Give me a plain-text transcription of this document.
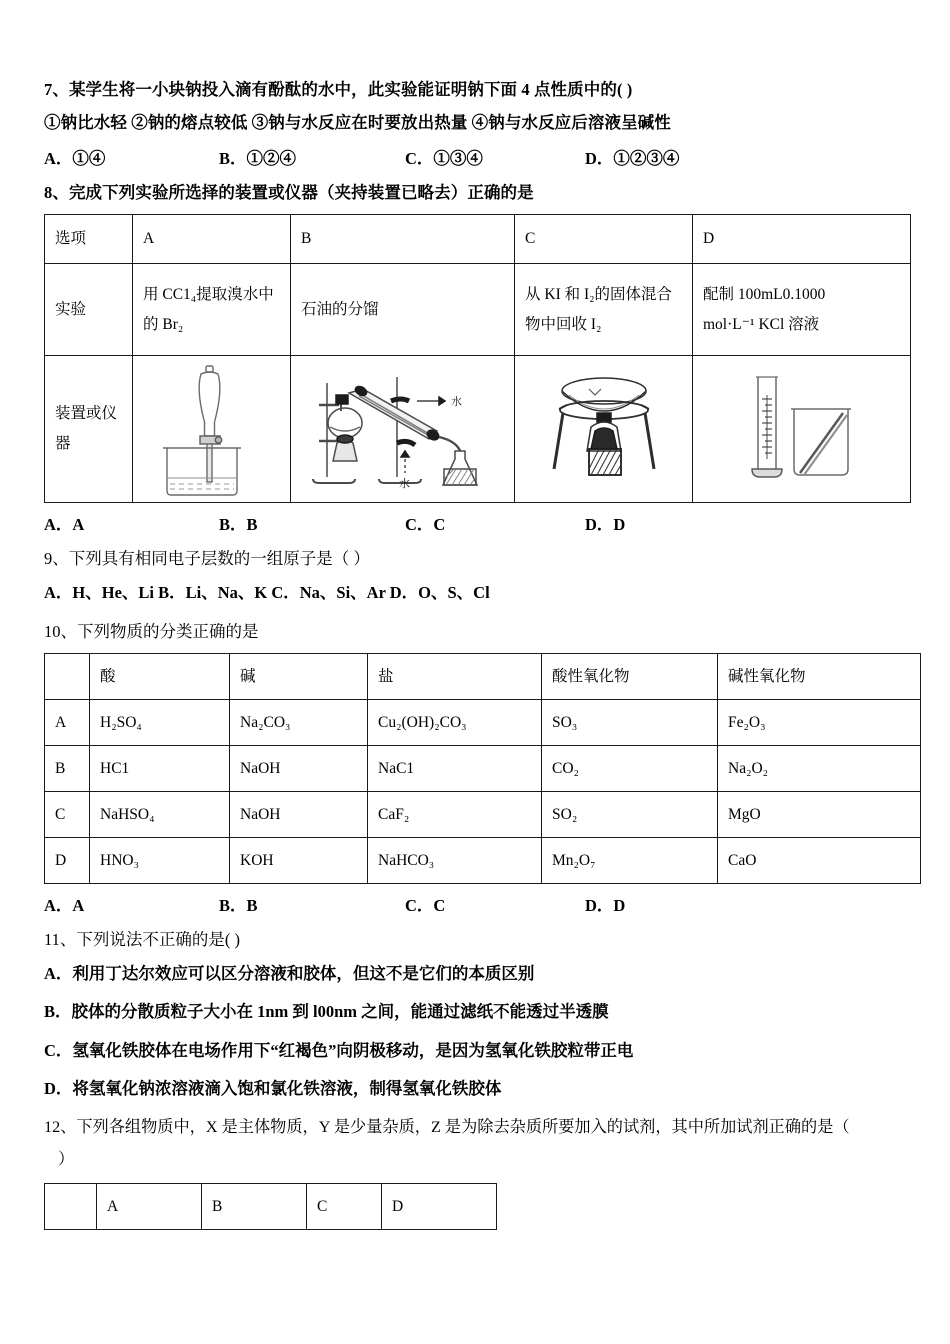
7、某学生将一小块钠投入滴有酚酞的水中，此实验能证明钠下面 4 点性质中的( )

①钠比水轻 ②钠的熔点较低 ③钠与水反应在时要放出热量 ④钠与水反应后溶液呈碱性

A．①④	B．①②④	C．①③④	D．①②③④

8、完成下列实验所选择的装置或仪器（夹持装置已略去）正确的是

选项	A	B	C	D
实验	用 CC1₄提取溴水中
的 Br₂	石油的分馏	从 KI 和 I₂的固体混合
物中回收 I₂	配制 100mL0.1000
mol·L⁻¹ KCl 溶液

装置或仪器		水
水

A．A	B．B	C．C	D．D

9、下列具有相同电子层数的一组原子是（ ）

A．H、He、Li B．Li、Na、K C．Na、Si、Ar D．O、S、Cl

10、下列物质的分类正确的是

	酸	碱	盐	酸性氧化物	碱性氧化物
A	H₂SO₄	Na₂CO₃	Cu₂(OH)₂CO₃	SO₃	Fe₂O₃
B	HC1	NaOH	NaC1	CO₂	Na₂O₂
C	NaHSO₄	NaOH	CaF₂	SO₂	MgO
D	HNO₃	KOH	NaHCO₃	Mn₂O₇	CaO
A．A	B．B	C．C	D．D

11、下列说法不正确的是( )

A．利用丁达尔效应可以区分溶液和胶体，但这不是它们的本质区别

B．胶体的分散质粒子大小在 1nm 到 l00nm 之间，能通过滤纸不能透过半透膜

C．氢氧化铁胶体在电场作用下“红褐色”向阴极移动，是因为氢氧化铁胶粒带正电

D．将氢氧化钠浓溶液滴入饱和氯化铁溶液，制得氢氧化铁胶体

12、下列各组物质中，X 是主体物质，Y 是少量杂质，Z 是为除去杂质所要加入的试剂，其中所加试剂正确的是（

）

	A	B	C	D
